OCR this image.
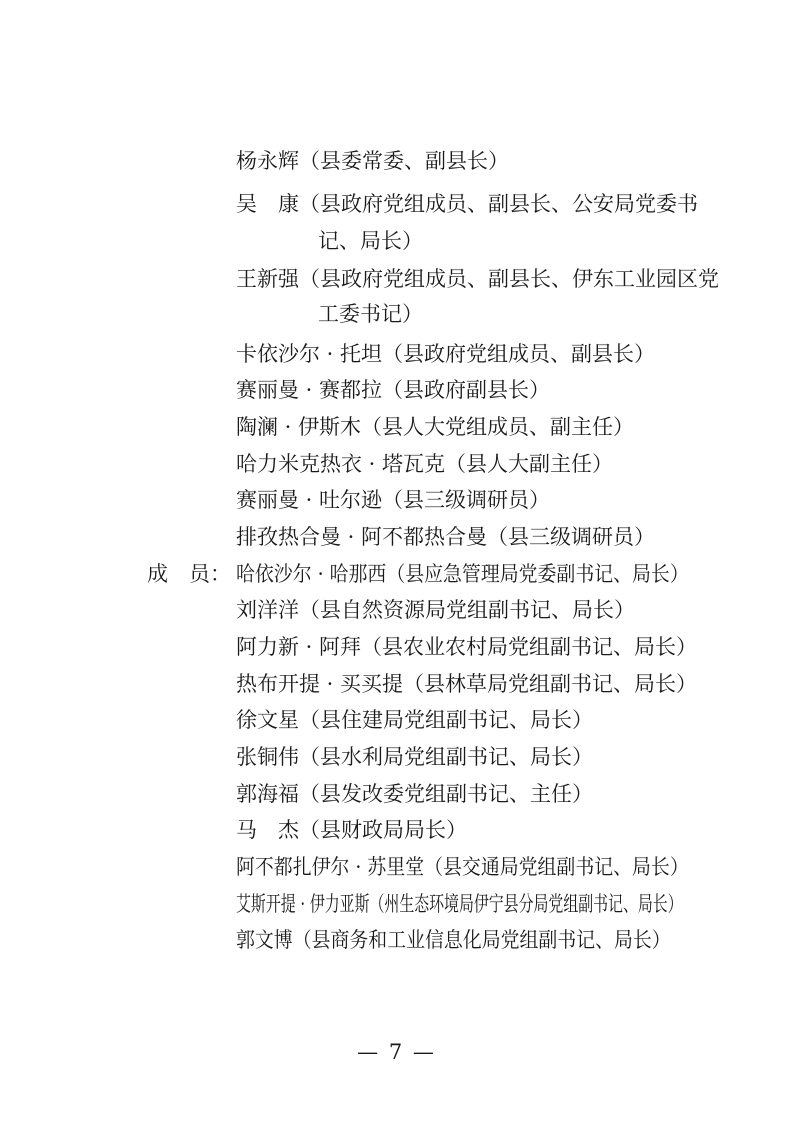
杨永辉（县委常委、副县长）
吴　康（县政府党组成员、副县长、公安局党委书
记、局长）
王新强（县政府党组成员、副县长、伊东工业园区党
工委书记）
卡依沙尔 · 托坦（县政府党组成员、副县长）
赛丽曼 · 赛都拉（县政府副县长）
陶澜 · 伊斯木（县人大党组成员、副主任）
哈力米克热衣 · 塔瓦克（县人大副主任）
赛丽曼 · 吐尔逊（县三级调研员）
排孜热合曼 · 阿不都热合曼（县三级调研员）
成　员： 哈依沙尔 · 哈那西（县应急管理局党委副书记、局长）
刘洋洋（县自然资源局党组副书记、局长）
阿力新 · 阿拜（县农业农村局党组副书记、局长）
热布开提 · 买买提（县林草局党组副书记、局长）
徐文星（县住建局党组副书记、局长）
张铜伟（县水利局党组副书记、局长）
郭海福（县发改委党组副书记、主任）
马　杰（县财政局局长）
阿不都扎伊尔 · 苏里堂（县交通局党组副书记、局长）
艾斯开提 · 伊力亚斯（州生态环境局伊宁县分局党组副书记、局长）
郭文博（县商务和工业信息化局党组副书记、局长）
— 7 —
